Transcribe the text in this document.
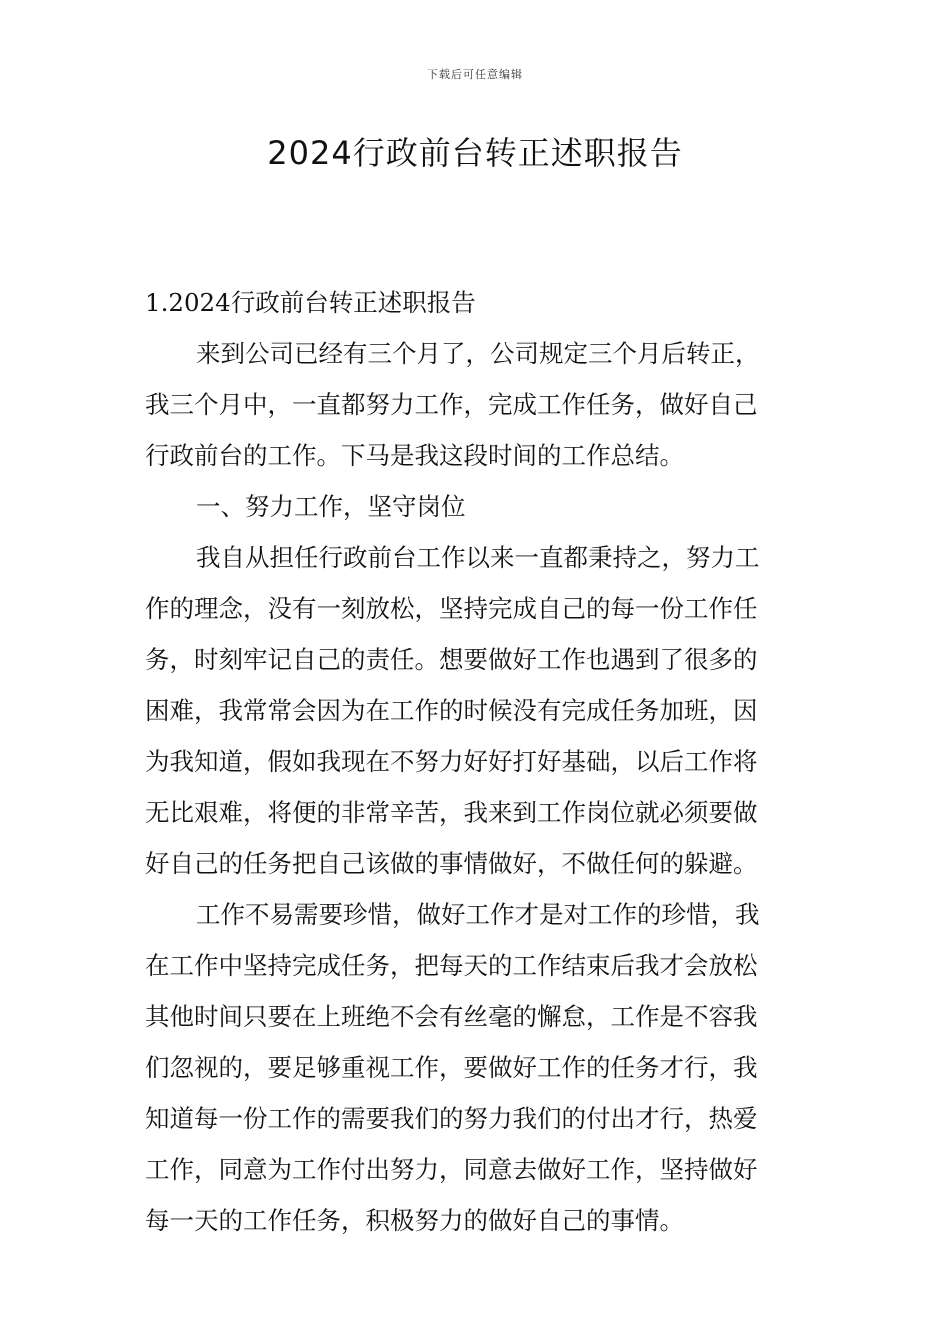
下载后可任意编辑
2024行政前台转正述职报告
1.2024行政前台转正述职报告
来到公司已经有三个月了，公司规定三个月后转正，
我三个月中，一直都努力工作，完成工作任务，做好自己
行政前台的工作。下马是我这段时间的工作总结。
一、努力工作，坚守岗位
我自从担任行政前台工作以来一直都秉持之，努力工
作的理念，没有一刻放松，坚持完成自己的每一份工作任
务，时刻牢记自己的责任。想要做好工作也遇到了很多的
困难，我常常会因为在工作的时候没有完成任务加班，因
为我知道，假如我现在不努力好好打好基础，以后工作将
无比艰难，将便的非常辛苦，我来到工作岗位就必须要做
好自己的任务把自己该做的事情做好，不做任何的躲避。
工作不易需要珍惜，做好工作才是对工作的珍惜，我
在工作中坚持完成任务，把每天的工作结束后我才会放松
其他时间只要在上班绝不会有丝毫的懈怠，工作是不容我
们忽视的，要足够重视工作，要做好工作的任务才行，我
知道每一份工作的需要我们的努力我们的付出才行，热爱
工作，同意为工作付出努力，同意去做好工作，坚持做好
每一天的工作任务，积极努力的做好自己的事情。
